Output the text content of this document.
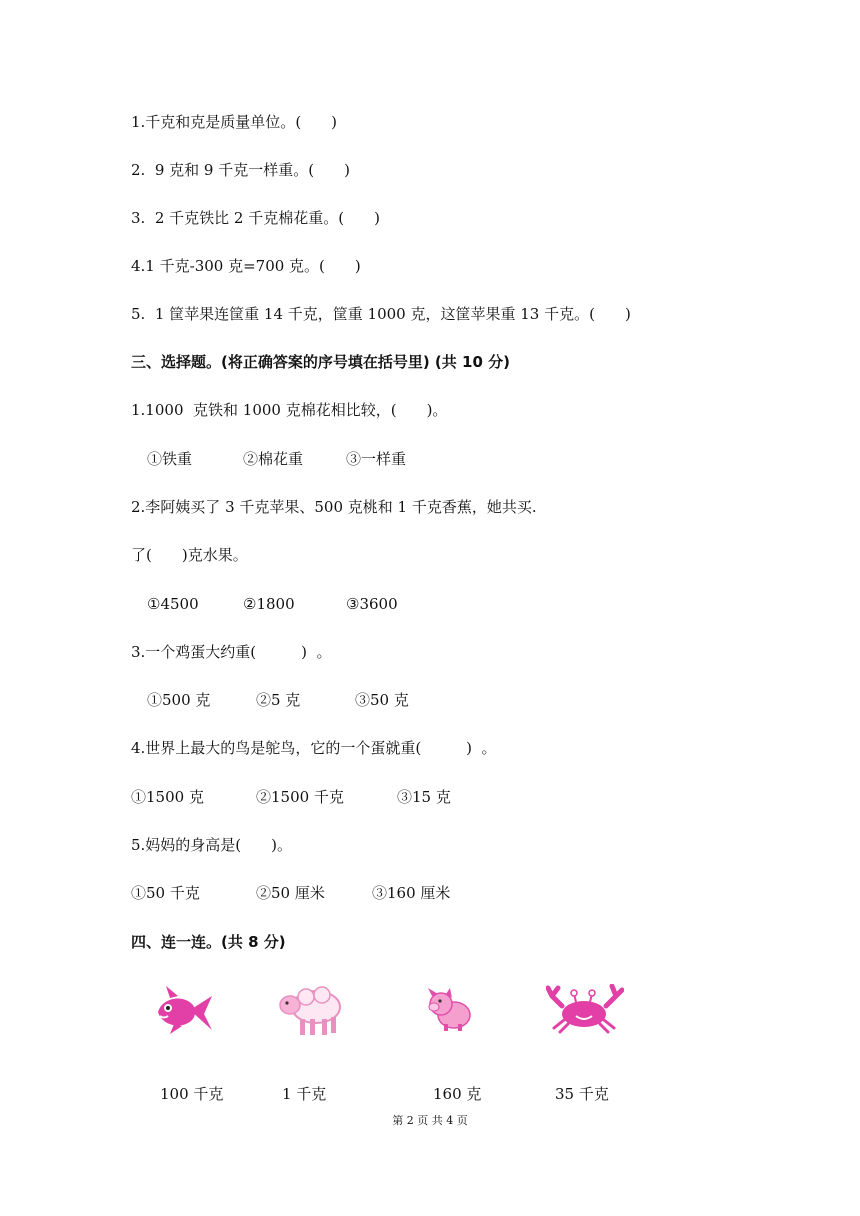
1.千克和克是质量单位。(　　)
2.  9 克和 9 千克一样重。(　　)
3.  2 千克铁比 2 千克棉花重。(　　)
4.1 千克-300 克=700 克。(　　)
5.  1 筐苹果连筐重 14 千克，筐重 1000 克，这筐苹果重 13 千克。(　　)
三、选择题。(将正确答案的序号填在括号里) (共 10 分)
1.1000  克铁和 1000 克棉花相比较，(　　)。
①铁重	②棉花重	③一样重
2.李阿姨买了 3 千克苹果、500 克桃和 1 千克香蕉，她共买.
了(　　)克水果。
①4500	②1800	③3600
3.一个鸡蛋大约重(　　　)  。
①500 克	②5 克	③50 克
4.世界上最大的鸟是鸵鸟，它的一个蛋就重(　　　)  。
①1500 克	②1500 千克	③15 克
5.妈妈的身高是(　　)。
①50 千克	②50 厘米	③160 厘米
四、连一连。(共 8 分)
100 千克	1 千克	160 克	35 千克
第 2 页 共 4 页
